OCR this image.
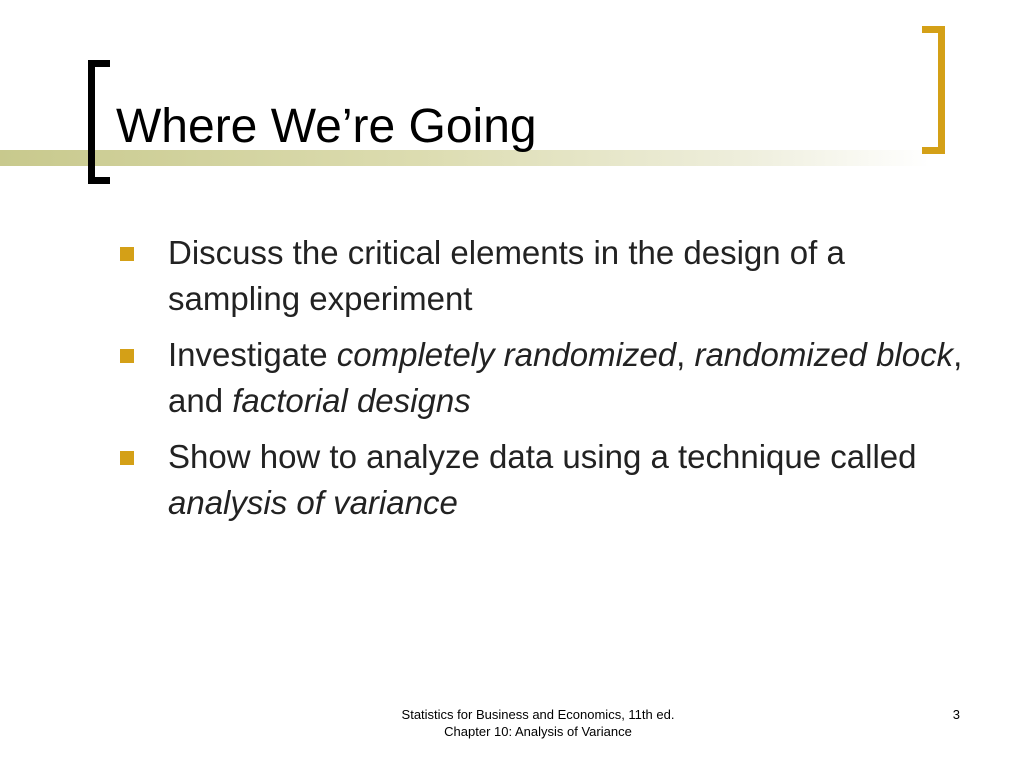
Where We’re Going
Discuss the critical elements in the design of a sampling experiment
Investigate completely randomized, randomized block, and factorial designs
Show how to analyze data using a technique called analysis of variance
Statistics for Business and Economics, 11th ed.
Chapter 10: Analysis of Variance
3
